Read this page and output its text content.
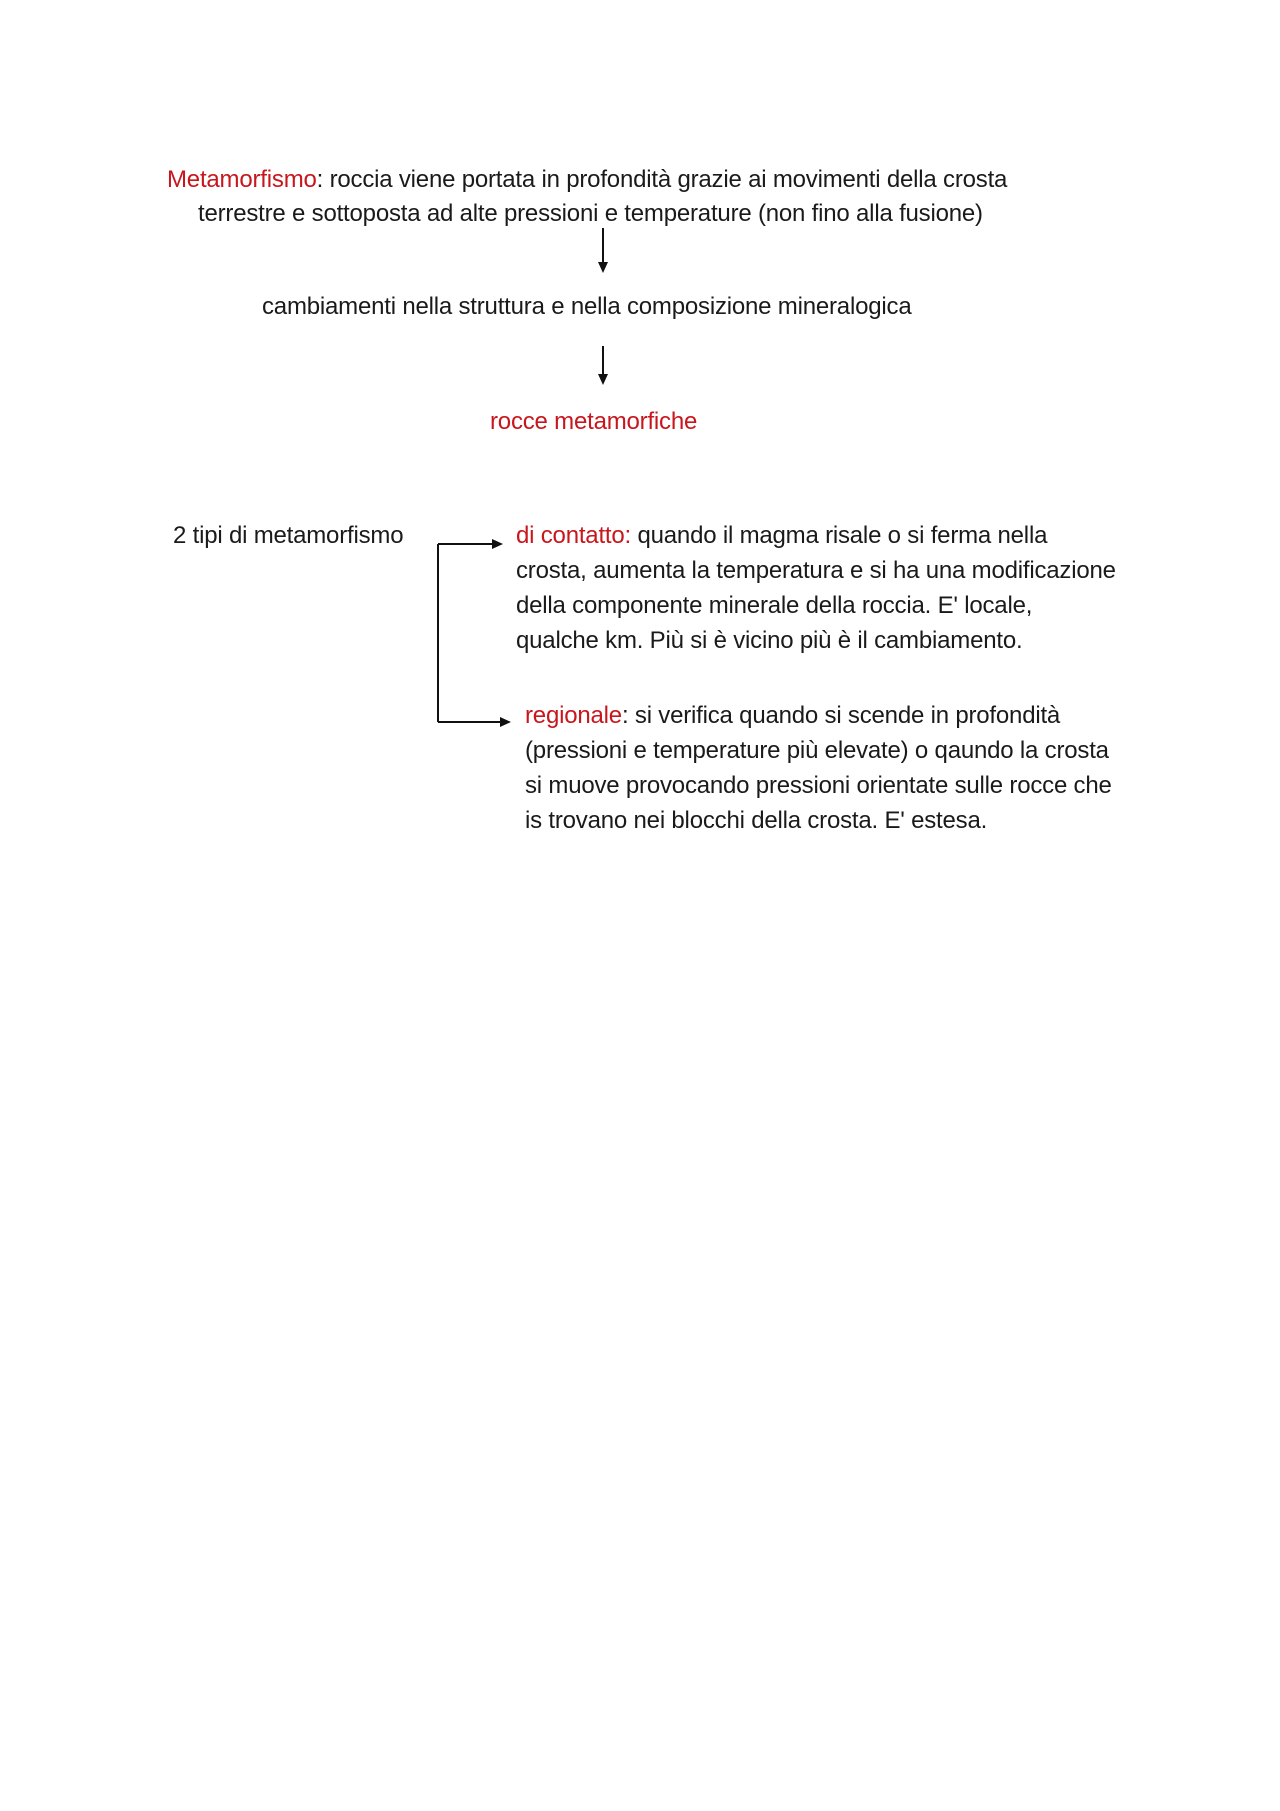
Metamorfismo: roccia viene portata in profondità grazie ai movimenti della crosta
terrestre e sottoposta ad alte pressioni e temperature (non fino alla fusione)
cambiamenti nella struttura e nella composizione mineralogica
rocce metamorfiche
2 tipi di metamorfismo	di contatto: quando il magma risale o si ferma nella
crosta, aumenta la temperatura e si ha una modificazione
della componente minerale della roccia. E' locale,
qualche km. Più si è vicino più è il cambiamento.
regionale: si verifica quando si scende in profondità
(pressioni e temperature più elevate) o qaundo la crosta
si muove provocando pressioni orientate sulle rocce che
is trovano nei blocchi della crosta. E' estesa.
